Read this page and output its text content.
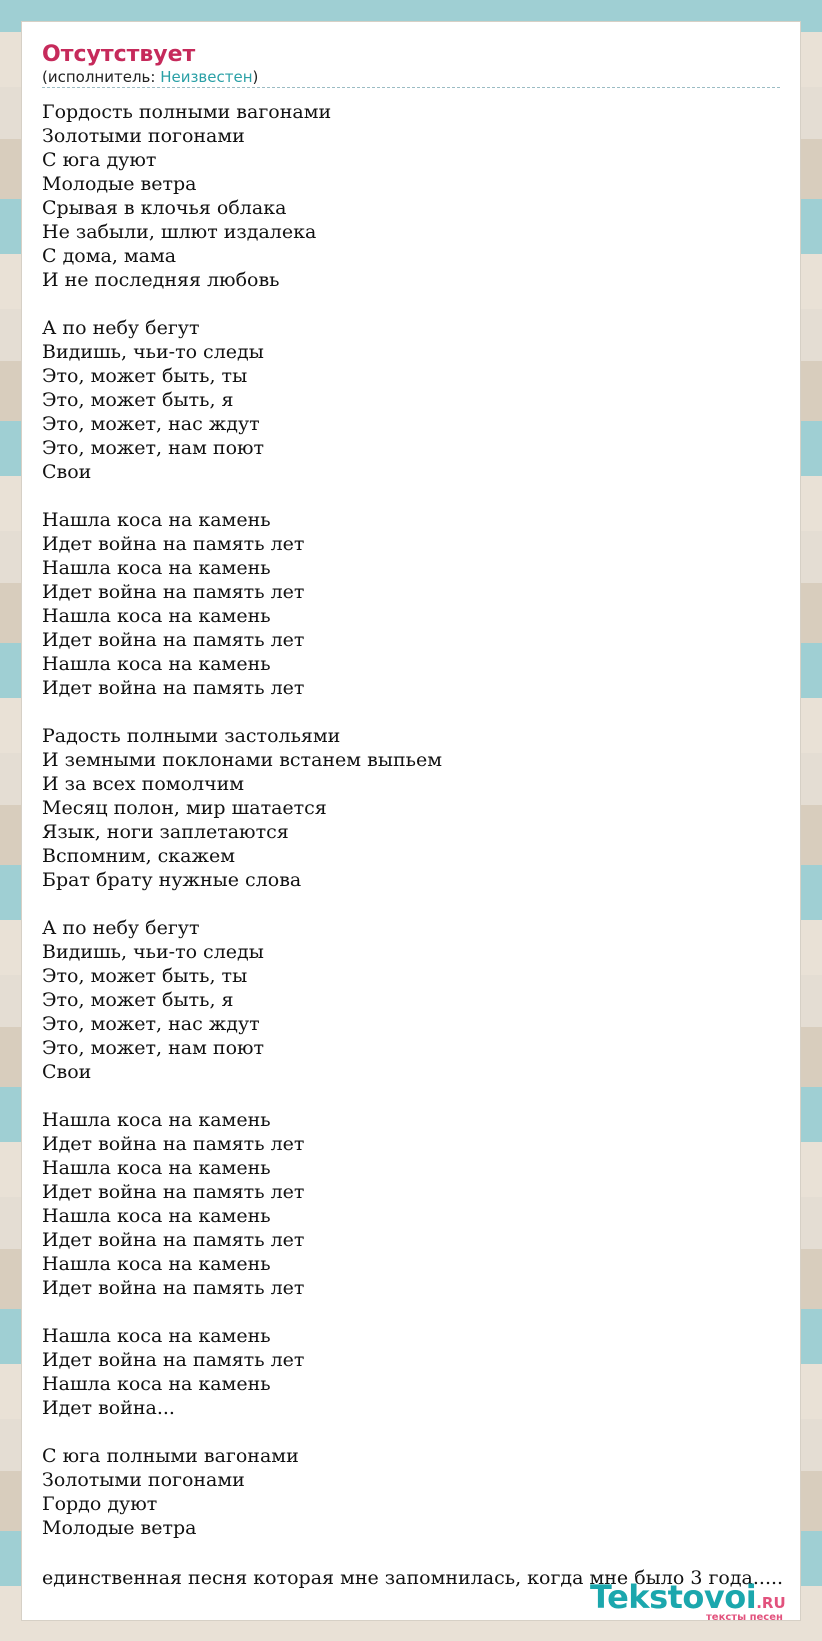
Отсутствует
(исполнитель: Неизвестен)
Гордость полными вагонами
Золотыми погонами
С юга дуют
Молодые ветра
Срывая в клочья облака
Не забыли, шлют издалека
С дома, мама
И не последняя любовь
А по небу бегут
Видишь, чьи-то следы
Это, может быть, ты
Это, может быть, я
Это, может, нас ждут
Это, может, нам поют
Свои
Нашла коса на камень
Идет война на память лет
Нашла коса на камень
Идет война на память лет
Нашла коса на камень
Идет война на память лет
Нашла коса на камень
Идет война на память лет
Радость полными застольями
И земными поклонами встанем выпьем
И за всех помолчим
Месяц полон, мир шатается
Язык, ноги заплетаются
Вспомним, скажем
Брат брату нужные слова
А по небу бегут
Видишь, чьи-то следы
Это, может быть, ты
Это, может быть, я
Это, может, нас ждут
Это, может, нам поют
Свои
Нашла коса на камень
Идет война на память лет
Нашла коса на камень
Идет война на память лет
Нашла коса на камень
Идет война на память лет
Нашла коса на камень
Идет война на память лет
Нашла коса на камень
Идет война на память лет
Нашла коса на камень
Идет война...
С юга полными вагонами
Золотыми погонами
Гордо дуют
Молодые ветра
единственная песня которая мне запомнилась, когда мне было 3 года.....
Tekstovoi.RU
тексты песен
